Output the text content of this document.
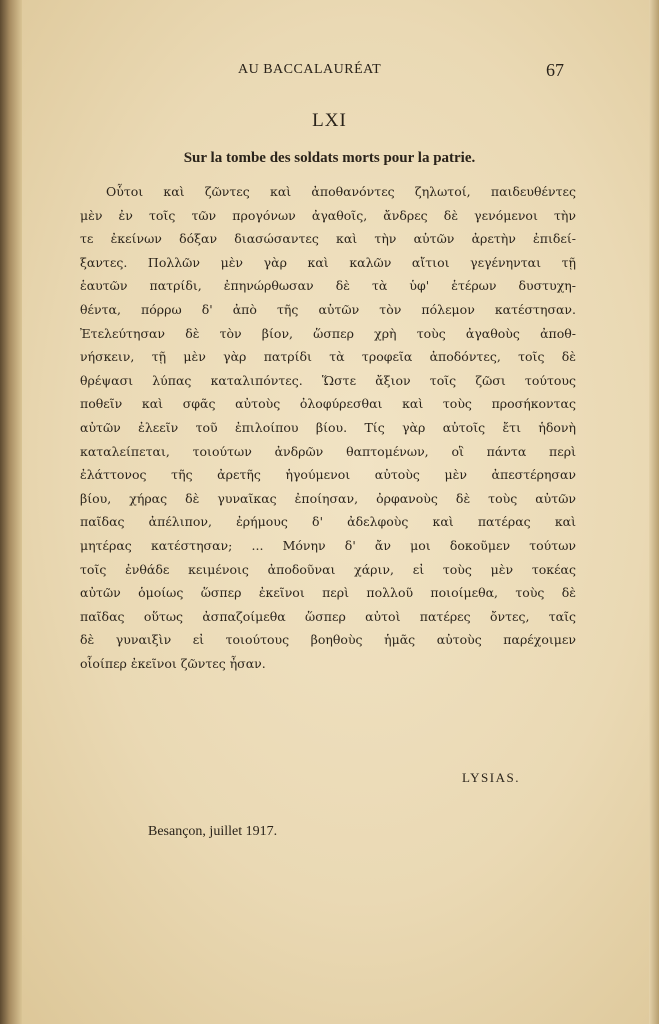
AU BACCALAURÉAT	67
LXI
Sur la tombe des soldats morts pour la patrie.
Οὗτοι καὶ ζῶντες καὶ ἀποθανόντες ζηλωτοί, παιδευθέντες
μὲν ἐν τοῖς τῶν προγόνων ἀγαθοῖς, ἄνδρες δὲ γενόμενοι τὴν
τε ἐκείνων δόξαν διασώσαντες καὶ τὴν αὑτῶν ἀρετὴν ἐπιδεί-
ξαντες. Πολλῶν μὲν γὰρ καὶ καλῶν αἴτιοι γεγένηνται τῇ
ἑαυτῶν πατρίδι, ἐπηνώρθωσαν δὲ τὰ ὑφ' ἑτέρων δυστυχη-
θέντα, πόρρω δ' ἀπὸ τῆς αὑτῶν τὸν πόλεμον κατέστησαν.
Ἐτελεύτησαν δὲ τὸν βίον, ὥσπερ χρὴ τοὺς ἀγαθοὺς ἀποθ-
νήσκειν, τῇ μὲν γὰρ πατρίδι τὰ τροφεῖα ἀποδόντες, τοῖς δὲ
θρέψασι λύπας καταλιπόντες. Ὥστε ἄξιον τοῖς ζῶσι τούτους
ποθεῖν καὶ σφᾶς αὐτοὺς ὀλοφύρεσθαι καὶ τοὺς προσήκοντας
αὐτῶν ἐλεεῖν τοῦ ἐπιλοίπου βίου. Τίς γὰρ αὐτοῖς ἔτι ἡδονὴ
καταλείπεται, τοιούτων ἀνδρῶν θαπτομένων, οἳ πάντα περὶ
ἐλάττονος τῆς ἀρετῆς ἡγούμενοι αὐτοὺς μὲν ἀπεστέρησαν
βίου, χήρας δὲ γυναῖκας ἐποίησαν, ὀρφανοὺς δὲ τοὺς αὐτῶν
παῖδας ἀπέλιπον, ἐρήμους δ' ἀδελφοὺς καὶ πατέρας καὶ
μητέρας κατέστησαν; ... Μόνην δ' ἄν μοι δοκοῦμεν τούτων
τοῖς ἐνθάδε κειμένοις ἀποδοῦναι χάριν, εἰ τοὺς μὲν τοκέας
αὐτῶν ὁμοίως ὥσπερ ἐκεῖνοι περὶ πολλοῦ ποιοίμεθα, τοὺς δὲ
παῖδας οὕτως ἀσπαζοίμεθα ὥσπερ αὐτοὶ πατέρες ὄντες, ταῖς
δὲ γυναιξὶν εἰ τοιούτους βοηθοὺς ἡμᾶς αὐτοὺς παρέχοιμεν
οἷοίπερ ἐκεῖνοι ζῶντες ἦσαν.
LYSIAS.
Besançon, juillet 1917.
